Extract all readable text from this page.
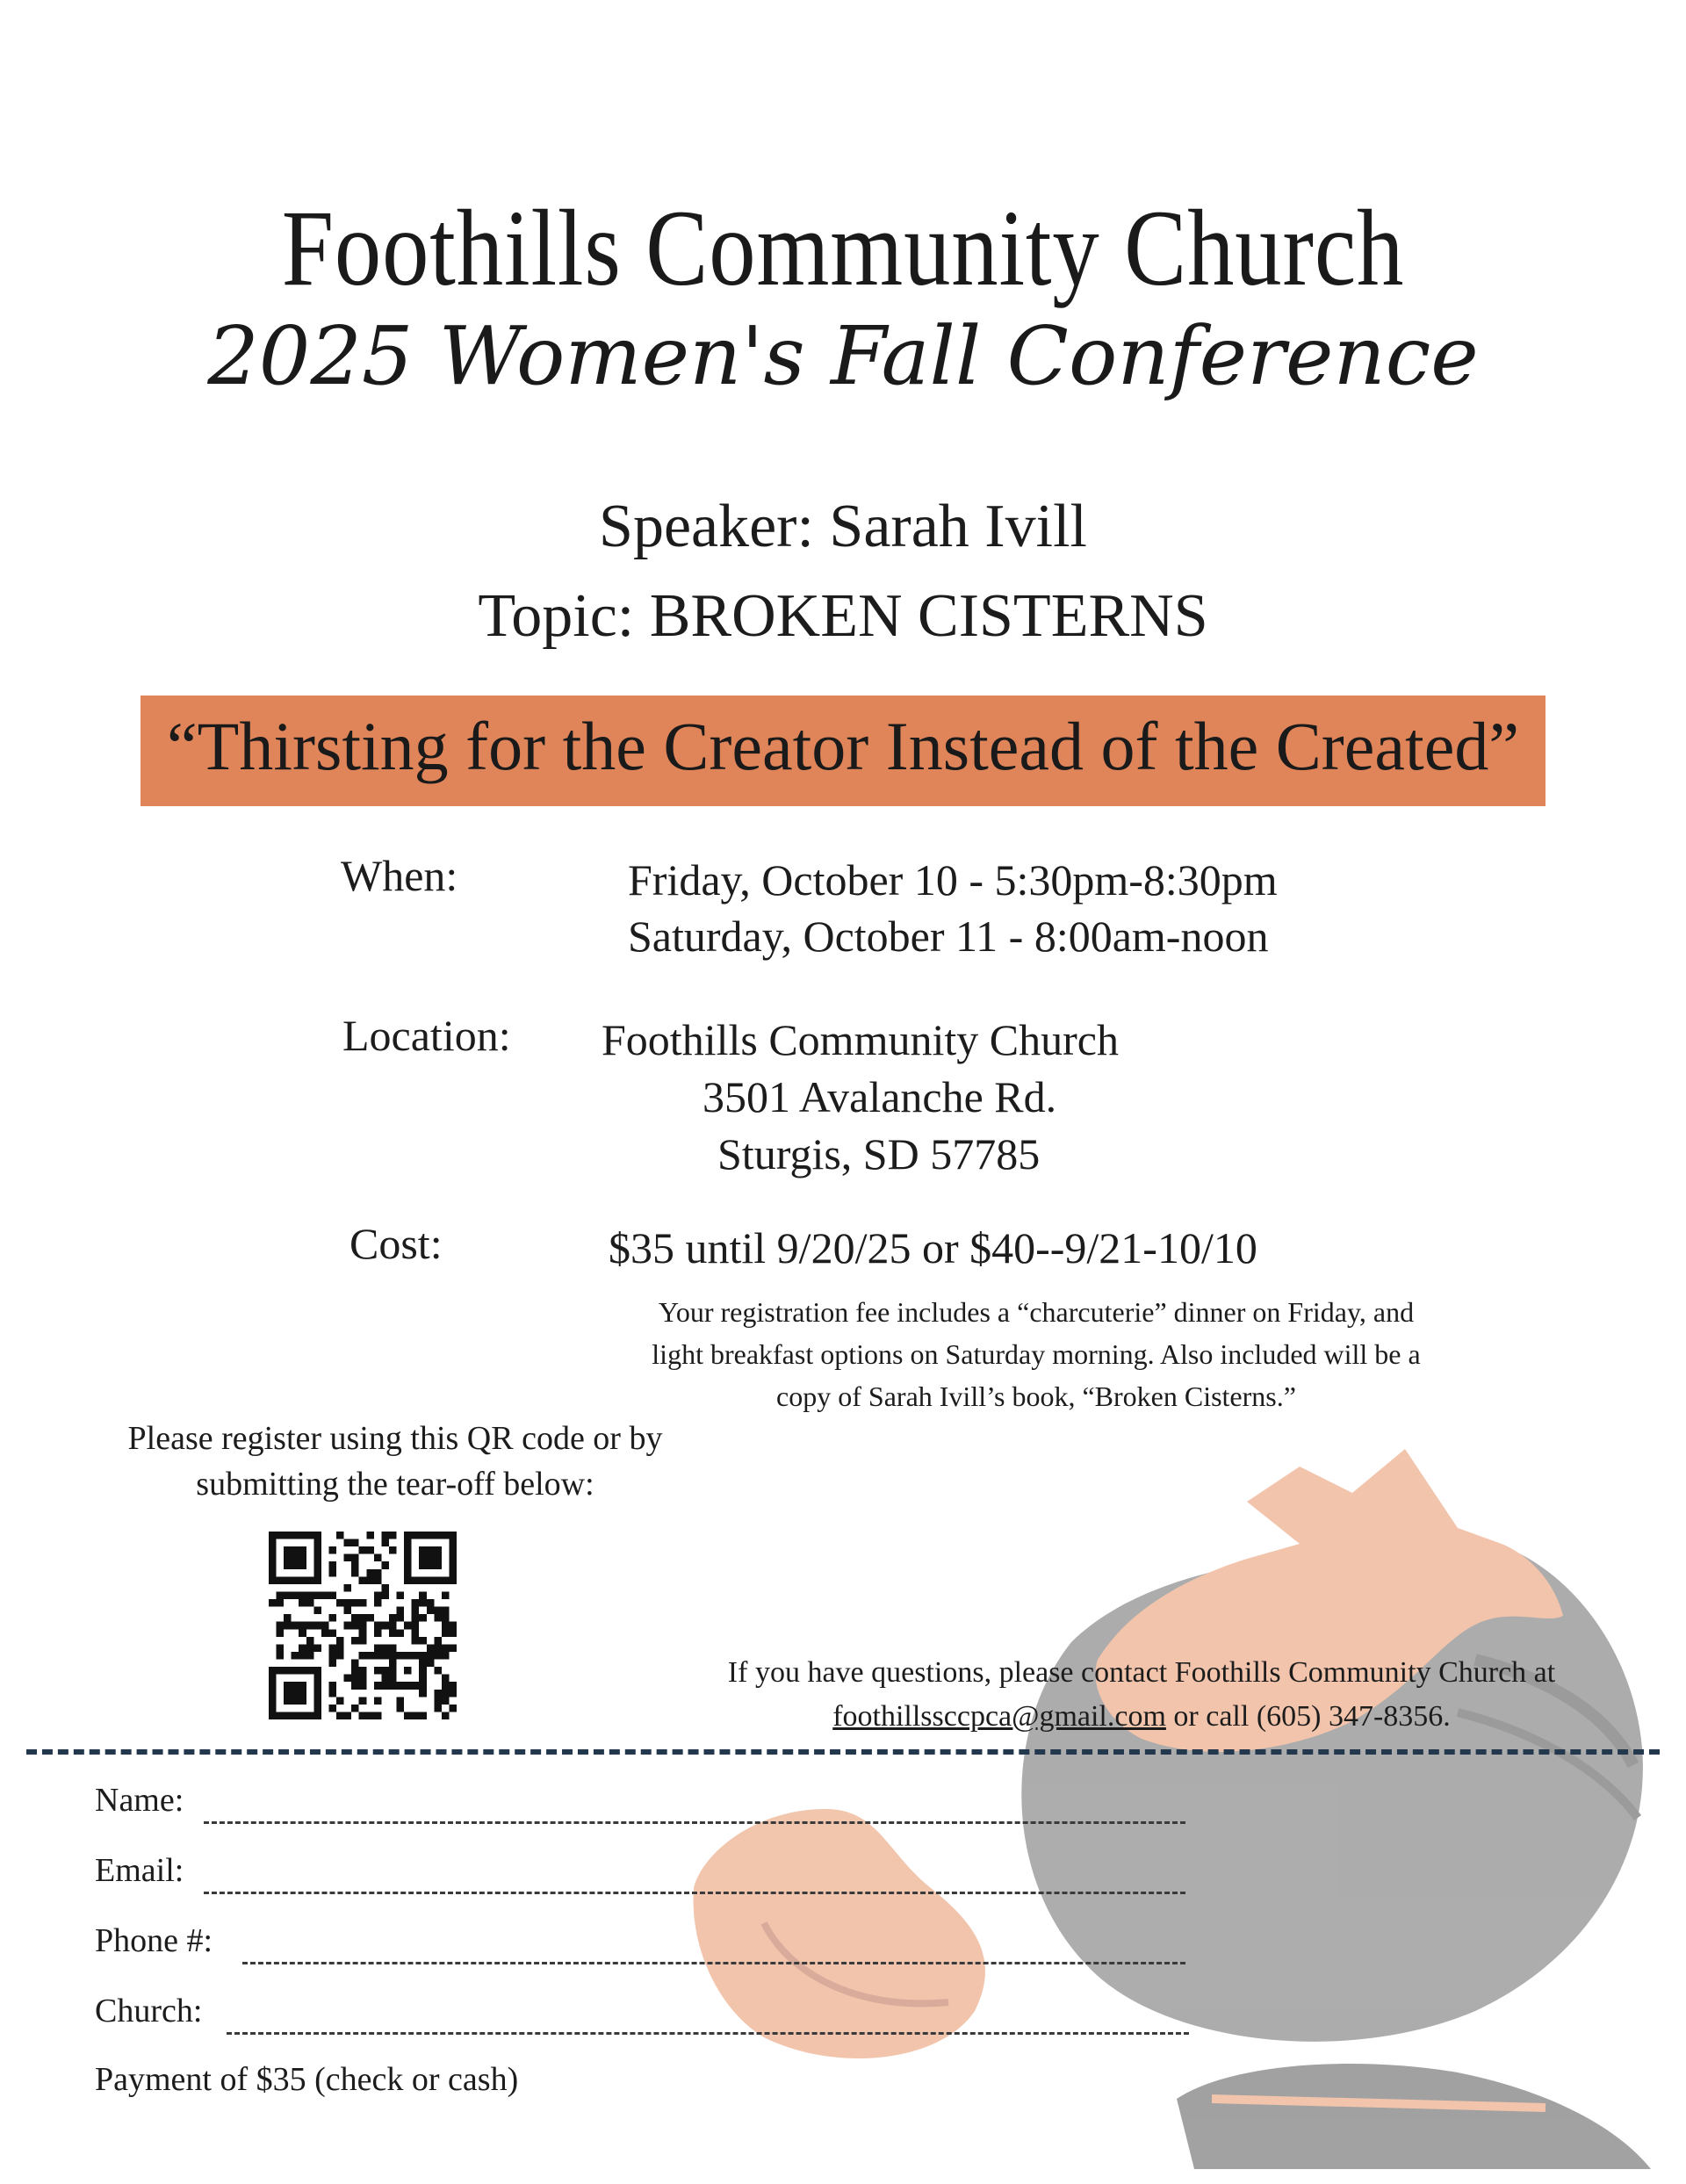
Foothills Community Church
2025 Women's Fall Conference
Speaker: Sarah Ivill
Topic: BROKEN CISTERNS
“Thirsting for the Creator Instead of the Created”
When:	Friday, October 10 - 5:30pm-8:30pm
Saturday, October 11 - 8:00am-noon
Location: Foothills Community Church
3501 Avalanche Rd.
Sturgis, SD 57785
Cost:	$35 until 9/20/25 or $40--9/21-10/10
Your registration fee includes a “charcuterie” dinner on Friday, and
light breakfast options on Saturday morning. Also included will be a
copy of Sarah Ivill’s book, “Broken Cisterns.”
Please register using this QR code or by
submitting the tear-off below:
If you have questions, please contact Foothills Community Church at
foothillssccpca@gmail.com or call (605) 347-8356.
Name:
Email:
Phone #:
Church:
Payment of $35 (check or cash)
